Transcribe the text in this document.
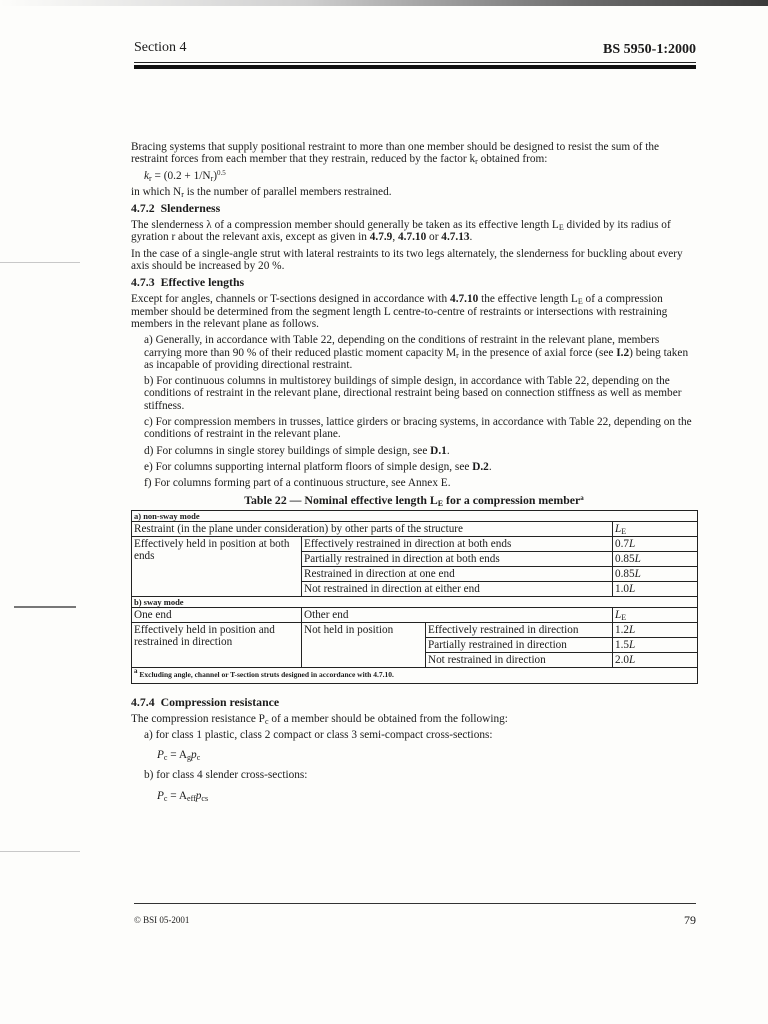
Section 4	BS 5950-1:2000

Bracing systems that supply positional restraint to more than one member should be designed to resist the sum of the restraint forces from each member that they restrain, reduced by the factor $k_r$ obtained from:

$k_r = (0.2 + 1/N_r)^{0.5}$

in which $N_r$ is the number of parallel members restrained.

4.7.2 Slenderness

The slenderness λ of a compression member should generally be taken as its effective length $L_E$ divided by its radius of gyration r about the relevant axis, except as given in 4.7.9, 4.7.10 or 4.7.13.

In the case of a single-angle strut with lateral restraints to its two legs alternately, the slenderness for buckling about every axis should be increased by 20 %.

4.7.3 Effective lengths

Except for angles, channels or T-sections designed in accordance with 4.7.10 the effective length $L_E$ of a compression member should be determined from the segment length L centre-to-centre of restraints or intersections with restraining members in the relevant plane as follows.

a) Generally, in accordance with Table 22, depending on the conditions of restraint in the relevant plane, members carrying more than 90 % of their reduced plastic moment capacity $M_r$ in the presence of axial force (see I.2) being taken as incapable of providing directional restraint.

b) For continuous columns in multistorey buildings of simple design, in accordance with Table 22, depending on the conditions of restraint in the relevant plane, directional restraint being based on connection stiffness as well as member stiffness.

c) For compression members in trusses, lattice girders or bracing systems, in accordance with Table 22, depending on the conditions of restraint in the relevant plane.

d) For columns in single storey buildings of simple design, see D.1.

e) For columns supporting internal platform floors of simple design, see D.2.

f) For columns forming part of a continuous structure, see Annex E.

Table 22 — Nominal effective length $L_E$ for a compression member$^a$
a) non-sway mode			
Restraint (in the plane under consideration) by other parts of the structure			$L_E$
Effectively held in position at both ends	Effectively restrained in direction at both ends		0.7L
	Partially restrained in direction at both ends		0.85L
	Restrained in direction at one end		0.85L
	Not restrained in direction at either end		1.0L
b) sway mode			
One end	Other end		$L_E$
Effectively held in position and restrained in direction	Not held in position	Effectively restrained in direction	1.2L
		Partially restrained in direction	1.5L
		Not restrained in direction	2.0L
$^a$ Excluding angle, channel or T-section struts designed in accordance with 4.7.10.			
4.7.4 Compression resistance

The compression resistance $P_c$ of a member should be obtained from the following:

a) for class 1 plastic, class 2 compact or class 3 semi-compact cross-sections:

$P_c = A_gp_c$

b) for class 4 slender cross-sections:

$P_c = A_{eff}p_{cs}$

© BSI 05-2001	79
